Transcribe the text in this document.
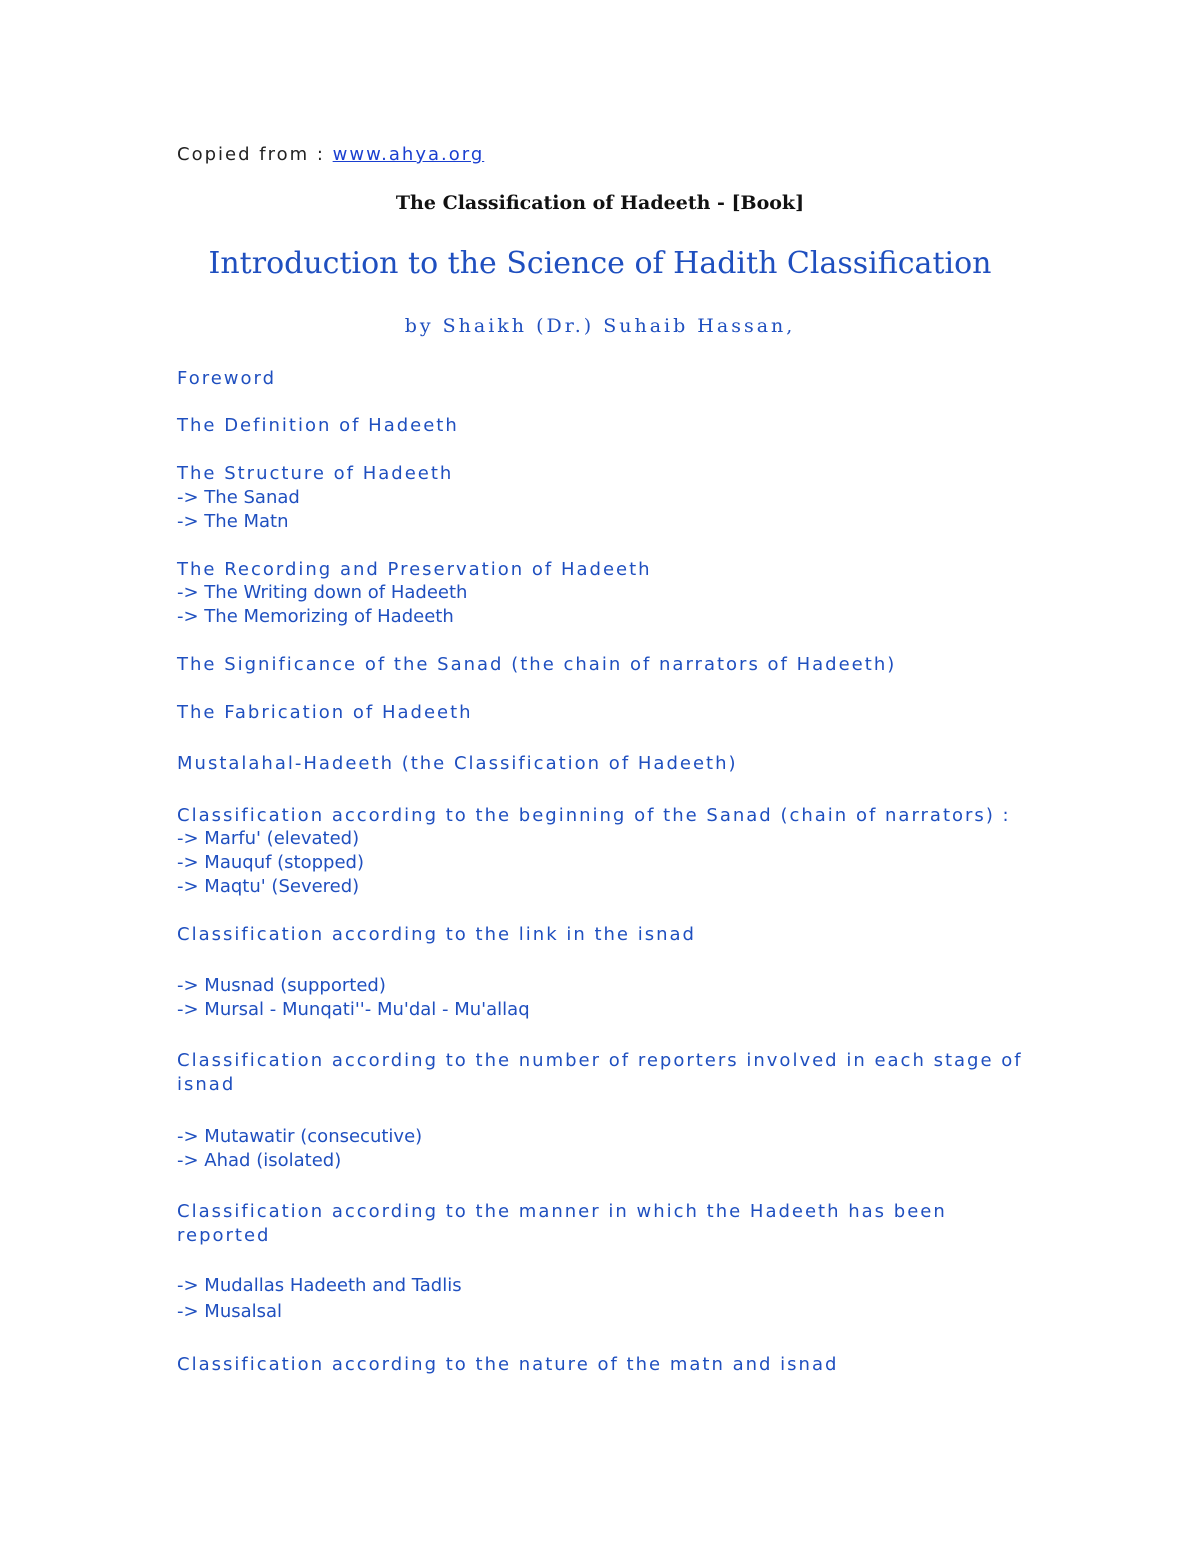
Copied from : www.ahya.org
The Classification of Hadeeth - [Book]
Introduction to the Science of Hadith Classification
by Shaikh (Dr.) Suhaib Hassan,
Foreword
The Definition of Hadeeth
The Structure of Hadeeth
-> The Sanad
-> The Matn
The Recording and Preservation of Hadeeth
-> The Writing down of Hadeeth
-> The Memorizing of Hadeeth
The Significance of the Sanad (the chain of narrators of Hadeeth)
The Fabrication of Hadeeth
Mustalahal-Hadeeth (the Classification of Hadeeth)
Classification according to the beginning of the Sanad (chain of narrators) :
-> Marfu' (elevated)
-> Mauquf (stopped)
-> Maqtu' (Severed)
Classification according to the link in the isnad
-> Musnad (supported)
-> Mursal - Munqati''- Mu'dal - Mu'allaq
Classification according to the number of reporters involved in each stage of isnad
-> Mutawatir (consecutive)
-> Ahad (isolated)
Classification according to the manner in which the Hadeeth has been reported
-> Mudallas Hadeeth and Tadlis
-> Musalsal
Classification according to the nature of the matn and isnad
